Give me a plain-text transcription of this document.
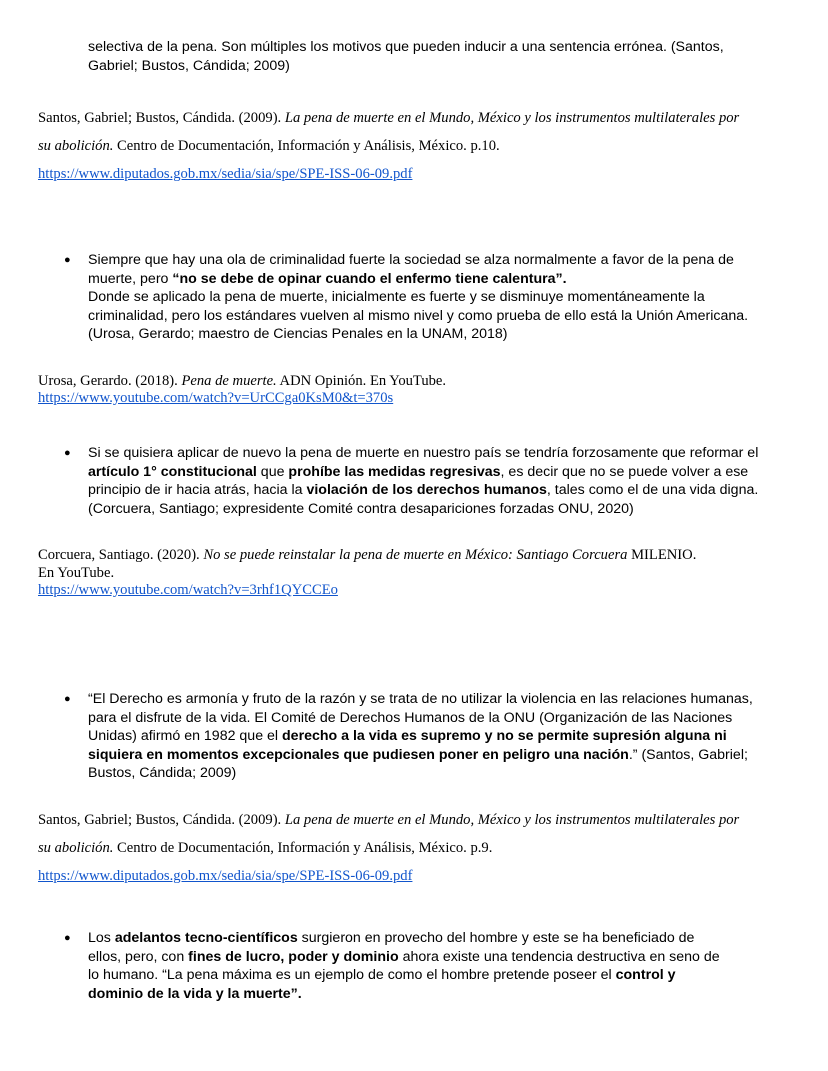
selectiva de la pena. Son múltiples los motivos que pueden inducir a una sentencia errónea. (Santos,

Gabriel; Bustos, Cándida; 2009)

Santos, Gabriel; Bustos, Cándida. (2009). La pena de muerte en el Mundo, México y los instrumentos multilaterales por
su abolición. Centro de Documentación, Información y Análisis, México. p.10.
https://www.diputados.gob.mx/sedia/sia/spe/SPE-ISS-06-09.pdf
● Siempre que hay una ola de criminalidad fuerte la sociedad se alza normalmente a favor de la pena de muerte, pero “no se debe de opinar cuando el enfermo tiene calentura”.

Donde se aplicado la pena de muerte, inicialmente es fuerte y se disminuye momentáneamente la criminalidad, pero los estándares vuelven al mismo nivel y como prueba de ello está la Unión Americana. (Urosa, Gerardo; maestro de Ciencias Penales en la UNAM, 2018)

Urosa, Gerardo. (2018). Pena de muerte. ADN Opinión. En YouTube.
https://www.youtube.com/watch?v=UrCCga0KsM0&t=370s
● Si se quisiera aplicar de nuevo la pena de muerte en nuestro país se tendría forzosamente que reformar el artículo 1° constitucional que prohíbe las medidas regresivas, es decir que no se puede volver a ese principio de ir hacia atrás, hacia la violación de los derechos humanos, tales como el de una vida digna. (Corcuera, Santiago; expresidente Comité contra desapariciones forzadas ONU, 2020)

Corcuera, Santiago. (2020). No se puede reinstalar la pena de muerte en México: Santiago Corcuera MILENIO.
En YouTube.
https://www.youtube.com/watch?v=3rhf1QYCCEo
● “El Derecho es armonía y fruto de la razón y se trata de no utilizar la violencia en las relaciones humanas, para el disfrute de la vida. El Comité de Derechos Humanos de la ONU (Organización de las Naciones Unidas) afirmó en 1982 que el derecho a la vida es supremo y no se permite supresión alguna ni siquiera en momentos excepcionales que pudiesen poner en peligro una nación.” (Santos, Gabriel; Bustos, Cándida; 2009)

Santos, Gabriel; Bustos, Cándida. (2009). La pena de muerte en el Mundo, México y los instrumentos multilaterales por
su abolición. Centro de Documentación, Información y Análisis, México. p.9.
https://www.diputados.gob.mx/sedia/sia/spe/SPE-ISS-06-09.pdf
● Los adelantos tecno-científicos surgieron en provecho del hombre y este se ha beneficiado de ellos, pero, con fines de lucro, poder y dominio ahora existe una tendencia destructiva en seno de lo humano. “La pena máxima es un ejemplo de como el hombre pretende poseer el control y dominio de la vida y la muerte”.
